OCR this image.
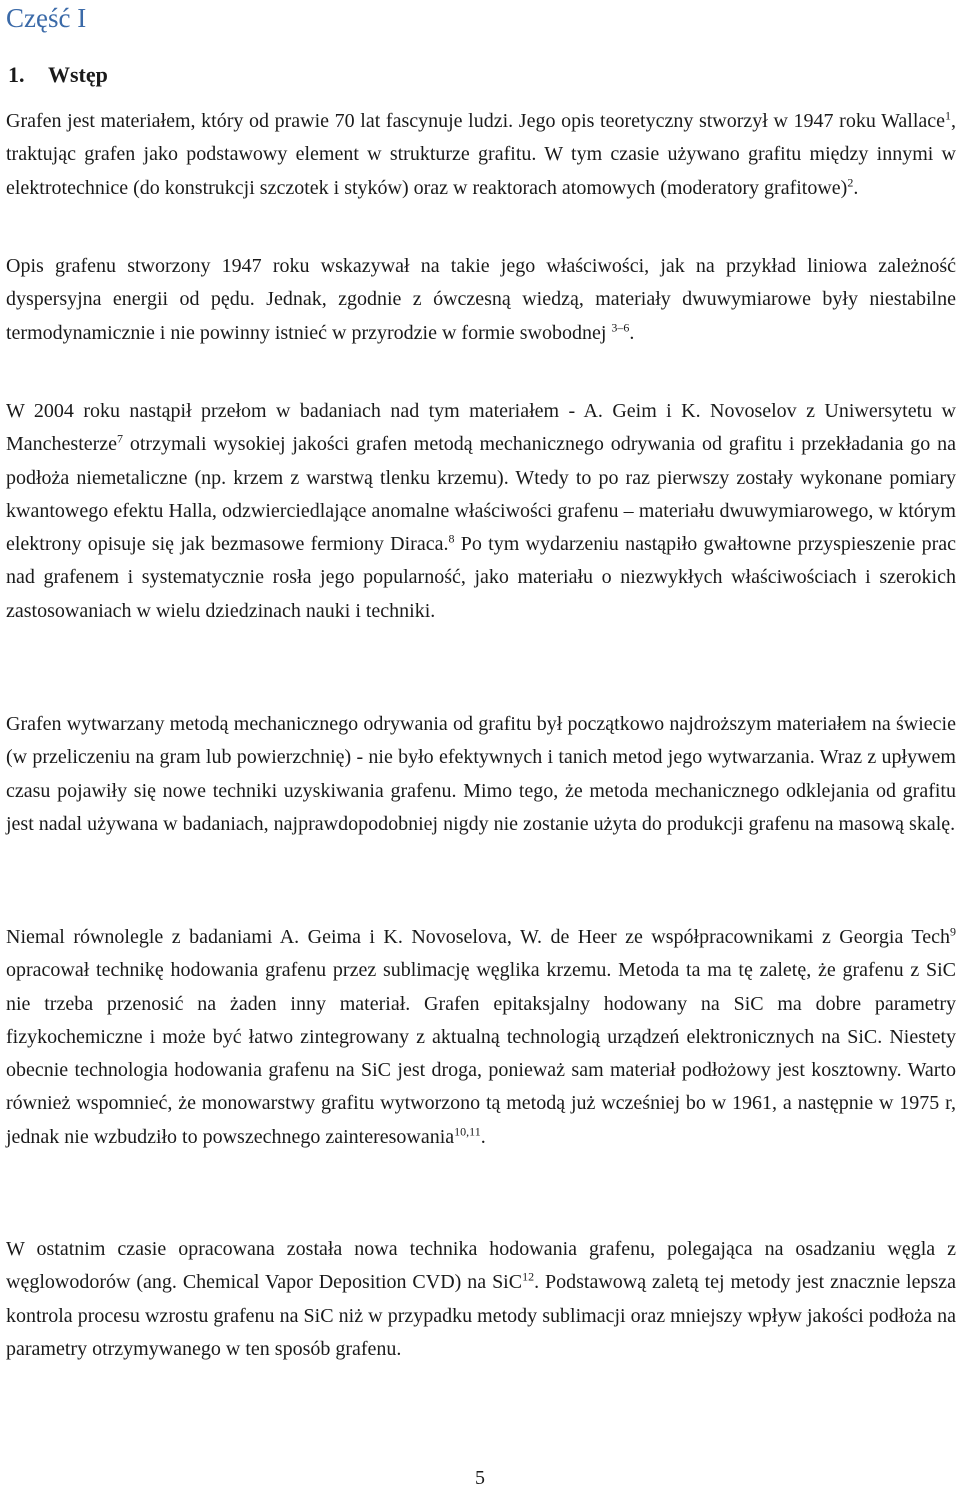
Część I
1. Wstęp

Grafen jest materiałem, który od prawie 70 lat fascynuje ludzi. Jego opis teoretyczny stworzył w 1947 roku Wallace$^1$, traktując grafen jako podstawowy element w strukturze grafitu. W tym czasie używano grafitu między innymi w elektrotechnice (do konstrukcji szczotek i styków) oraz w reaktorach atomowych (moderatory grafitowe)$^2$.

Opis grafenu stworzony 1947 roku wskazywał na takie jego właściwości, jak na przykład liniowa zależność dyspersyjna energii od pędu. Jednak, zgodnie z ówczesną wiedzą, materiały dwuwymiarowe były niestabilne termodynamicznie i nie powinny istnieć w przyrodzie w formie swobodnej $^{3-6}$.

W 2004 roku nastąpił przełom w badaniach nad tym materiałem - A. Geim i K. Novoselov z Uniwersytetu w Manchesterze$^7$ otrzymali wysokiej jakości grafen metodą mechanicznego odrywania od grafitu i przekładania go na podłoża niemetaliczne (np. krzem z warstwą tlenku krzemu). Wtedy to po raz pierwszy zostały wykonane pomiary kwantowego efektu Halla, odzwierciedlające anomalne właściwości grafenu – materiału dwuwymiarowego, w którym elektrony opisuje się jak bezmasowe fermiony Diraca.$^8$ Po tym wydarzeniu nastąpiło gwałtowne przyspieszenie prac nad grafenem i systematycznie rosła jego popularność, jako materiału o niezwykłych właściwościach i szerokich zastosowaniach w wielu dziedzinach nauki i techniki.

Grafen wytwarzany metodą mechanicznego odrywania od grafitu był początkowo najdroższym materiałem na świecie (w przeliczeniu na gram lub powierzchnię) - nie było efektywnych i tanich metod jego wytwarzania. Wraz z upływem czasu pojawiły się nowe techniki uzyskiwania grafenu. Mimo tego, że metoda mechanicznego odklejania od grafitu jest nadal używana w badaniach, najprawdopodobniej nigdy nie zostanie użyta do produkcji grafenu na masową skalę.

Niemal równolegle z badaniami A. Geima i K. Novoselova, W. de Heer ze współpracownikami z Georgia Tech$^9$ opracował technikę hodowania grafenu przez sublimację węglika krzemu. Metoda ta ma tę zaletę, że grafenu z SiC nie trzeba przenosić na żaden inny materiał. Grafen epitaksjalny hodowany na SiC ma dobre parametry fizykochemiczne i może być łatwo zintegrowany z aktualną technologią urządzeń elektronicznych na SiC. Niestety obecnie technologia hodowania grafenu na SiC jest droga, ponieważ sam materiał podłożowy jest kosztowny. Warto również wspomnieć, że monowarstwy grafitu wytworzono tą metodą już wcześniej bo w 1961, a następnie w 1975 r, jednak nie wzbudziło to powszechnego zainteresowania$^{10,11}$.

W ostatnim czasie opracowana została nowa technika hodowania grafenu, polegająca na osadzaniu węgla z węglowodorów (ang. Chemical Vapor Deposition CVD) na SiC$^{12}$. Podstawową zaletą tej metody jest znacznie lepsza kontrola procesu wzrostu grafenu na SiC niż w przypadku metody sublimacji oraz mniejszy wpływ jakości podłoża na parametry otrzymywanego w ten sposób grafenu.

5
